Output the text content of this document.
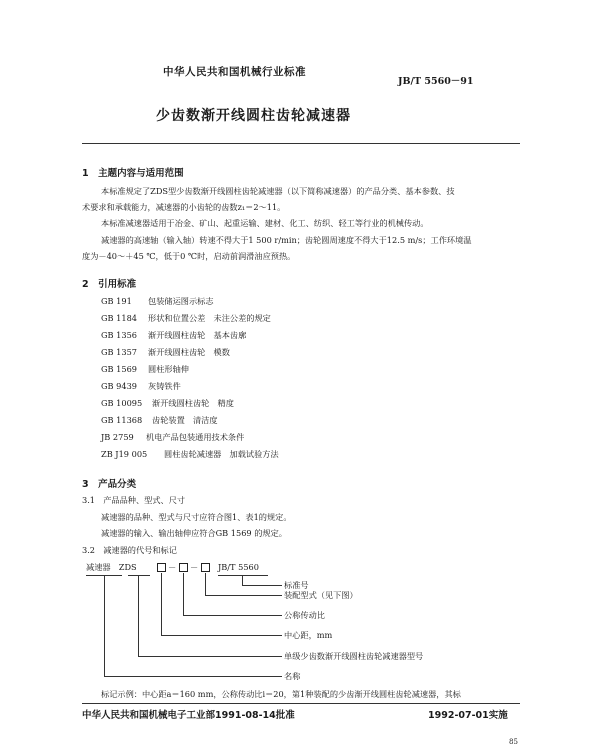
中华人民共和国机械行业标准
JB/T 5560－91
少齿数渐开线圆柱齿轮减速器
1　主题内容与适用范围
本标准规定了ZDS型少齿数渐开线圆柱齿轮减速器（以下简称减速器）的产品分类、基本参数、技
术要求和承载能力，减速器的小齿轮的齿数z₁＝2～11。
本标准减速器适用于冶金、矿山、起重运输、建材、化工、纺织、轻工等行业的机械传动。
减速器的高速轴（输入轴）转速不得大于1 500 r/min；齿轮圆周速度不得大于12.5 m/s；工作环境温
度为－40～＋45 ℃，低于0 ℃时，启动前润滑油应预热。
2　引用标准
GB 191 包装储运图示标志
GB 1184 形状和位置公差　未注公差的规定
GB 1356 渐开线圆柱齿轮　基本齿廓
GB 1357 渐开线圆柱齿轮　模数
GB 1569 圆柱形轴伸
GB 9439 灰铸铁件
GB 10095 渐开线圆柱齿轮　精度
GB 11368 齿轮装置　清洁度
JB 2759 机电产品包装通用技术条件
ZB J19 005 圆柱齿轮减速器　加载试验方法
3　产品分类
3.1　产品品种、型式、尺寸
减速器的品种、型式与尺寸应符合图1、表1的规定。
减速器的输入、输出轴伸应符合GB 1569 的规定。
3.2　减速器的代号和标记
减速器　ZDS	－ － JB/T 5560
标准号
装配型式（见下图）
公称传动比
中心距，mm
单级少齿数渐开线圆柱齿轮减速器型号
名称
标记示例：中心距a＝160 mm，公称传动比i＝20，第1种装配的少齿渐开线圆柱齿轮减速器，其标
中华人民共和国机械电子工业部1991-08-14批准	1992-07-01实施
85
